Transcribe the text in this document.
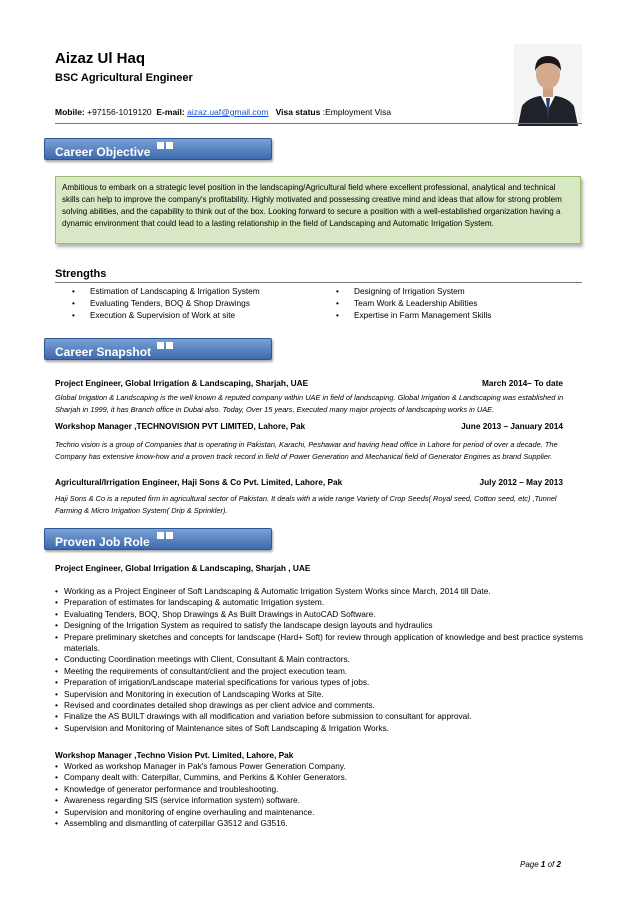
Aizaz Ul Haq
BSC Agricultural Engineer
Mobile: +97156-1019120 E-mail: aizaz.uaf@gmail.com Visa status :Employment Visa
Career Objective

Ambitious to embark on a strategic level position in the landscaping/Agricultural field where excellent professional, analytical and technical skills can help to improve the company's profitability. Highly motivated and possessing creative mind and ideas that allow for strong problem solving abilities, and the capability to think out of the box. Looking forward to secure a position with a well-established organization having a dynamic environment that could lead to a lasting relationship in the field of Landscaping and Automatic Irrigation System.

Strengths
• Estimation of Landscaping & Irrigation System
• Evaluating Tenders, BOQ & Shop Drawings
• Execution & Supervision of Work at site
• Designing of Irrigation System
• Team Work & Leadership Abilities
• Expertise in Farm Management Skills
Career Snapshot
Project Engineer, Global Irrigation & Landscaping, Sharjah, UAE	March 2014– To date
Global Irrigation & Landscaping is the well known & reputed company within UAE in field of landscaping. Global Irrigation & Landscaping was established in Sharjah in 1999, it has Branch office in Dubai also. Today, Over 15 years, Executed many major projects of landscaping works in UAE.
Workshop Manager ,TECHNOVISION PVT LIMITED, Lahore, Pak	June 2013 – January 2014
Techno vision is a group of Companies that is operating in Pakistan, Karachi, Peshawar and having head office in Lahore for period of over a decade. The Company has extensive know-how and a proven track record in field of Power Generation and Mechanical field of Generator Engines as brand Supplier.
Agricultural/Irrigation Engineer, Haji Sons & Co Pvt. Limited, Lahore, Pak	July 2012 – May 2013
Haji Sons & Co is a reputed firm in agricultural sector of Pakistan. It deals with a wide range Variety of Crop Seeds( Royal seed, Cotton seed, etc) ,Tunnel Farming & Micro Irrigation System( Drip & Sprinkler).
Proven Job Role
Project Engineer, Global Irrigation & Landscaping, Sharjah , UAE
• Working as a Project Engineer of Soft Landscaping & Automatic Irrigation System Works since March, 2014 till Date.
• Preparation of estimates for landscaping & automatic Irrigation system.
• Evaluating Tenders, BOQ, Shop Drawings & As Built Drawings in AutoCAD Software.
• Designing of the Irrigation System as required to satisfy the landscape design layouts and hydraulics
• Prepare preliminary sketches and concepts for landscape (Hard+ Soft) for review through application of knowledge and best practice systems materials.
• Conducting Coordination meetings with Client, Consultant & Main contractors.
• Meeting the requirements of consultant/client and the project execution team.
• Preparation of irrigation/Landscape material specifications for various types of jobs.
• Supervision and Monitoring in execution of Landscaping Works at Site.
• Revised and coordinates detailed shop drawings as per client advice and comments.
• Finalize the AS BUILT drawings with all modification and variation before submission to consultant for approval.
• Supervision and Monitoring of Maintenance sites of Soft Landscaping & Irrigation Works.
Workshop Manager ,Techno Vision Pvt. Limited, Lahore, Pak
• Worked as workshop Manager in Pak's famous Power Generation Company.
• Company dealt with: Caterpillar, Cummins, and Perkins & Kohler Generators.
• Knowledge of generator performance and troubleshooting.
• Awareness regarding SIS (service information system) software.
• Supervision and monitoring of engine overhauling and maintenance.
• Assembling and dismantling of caterpillar G3512 and G3516.
Page 1 of 2
